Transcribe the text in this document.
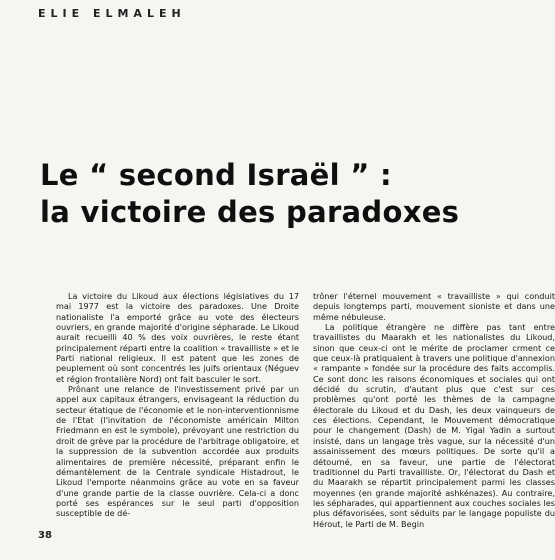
ELIE ELMALEH
Le “ second Israël ” :
la victoire des paradoxes

La victoire du Likoud aux élections législatives du 17 mai 1977 est la victoire des paradoxes. Une Droite nationaliste l'a emporté grâce au vote des électeurs ouvriers, en grande majorité d'origine sépharade. Le Likoud aurait recueilli 40 % des voix ouvrières, le reste étant principalement réparti entre la coalition « travailliste » et le Parti national religieux. Il est patent que les zones de peuplement où sont concentrés les juifs orientaux (Néguev et région frontalière Nord) ont fait basculer le sort.

Prônant une relance de l'investissement privé par un appel aux capitaux étrangers, envisageant la réduction du secteur étatique de l'économie et le non-interventionnisme de l'Etat (l'invitation de l'économiste américain Milton Friedmann en est le symbole), prévoyant une restriction du droit de grève par la procédure de l'arbitrage obligatoire, et la suppression de la subvention accordée aux produits alimentaires de première nécessité, préparant enfin le démantèlement de la Centrale syndicale Histadrout, le Likoud l'emporte néanmoins grâce au vote en sa faveur d'une grande partie de la classe ouvrière. Cela-ci a donc porté ses espérances sur le seul parti d'opposition susceptible de dé-

trôner l'éternel mouvement « travailliste » qui conduit depuis longtemps parti, mouvement sioniste et dans une même nébuleuse.

La politique étrangère ne diffère pas tant entre travaillistes du Maarakh et les nationalistes du Likoud, sinon que ceux-ci ont le mérite de proclamer crment ce que ceux-là pratiquaient à travers une politique d'annexion « rampante » fondée sur la procédure des faits accomplis. Ce sont donc les raisons économiques et sociales qui ont décidé du scrutin, d'autant plus que c'est sur ces problèmes qu'ont porté les thèmes de la campagne électorale du Likoud et du Dash, les deux vainqueurs de ces élections. Cependant, le Mouvement démocratique pour le changement (Dash) de M. Yigal Yadin a surtout insisté, dans un langage très vague, sur la nécessité d'un assainissement des mœurs politiques. De sorte qu'il a détourné, en sa faveur, une partie de l'électorat traditionnel du Parti travailliste. Or, l'électorat du Dash et du Maarakh se répartit principalement parmi les classes moyennes (en grande majorité ashkénazes). Au contraire, les sépharades, qui appartiennent aux couches sociales les plus défavorisées, sont séduits par le langage populiste du Hérout, le Parti de M. Begin

38
